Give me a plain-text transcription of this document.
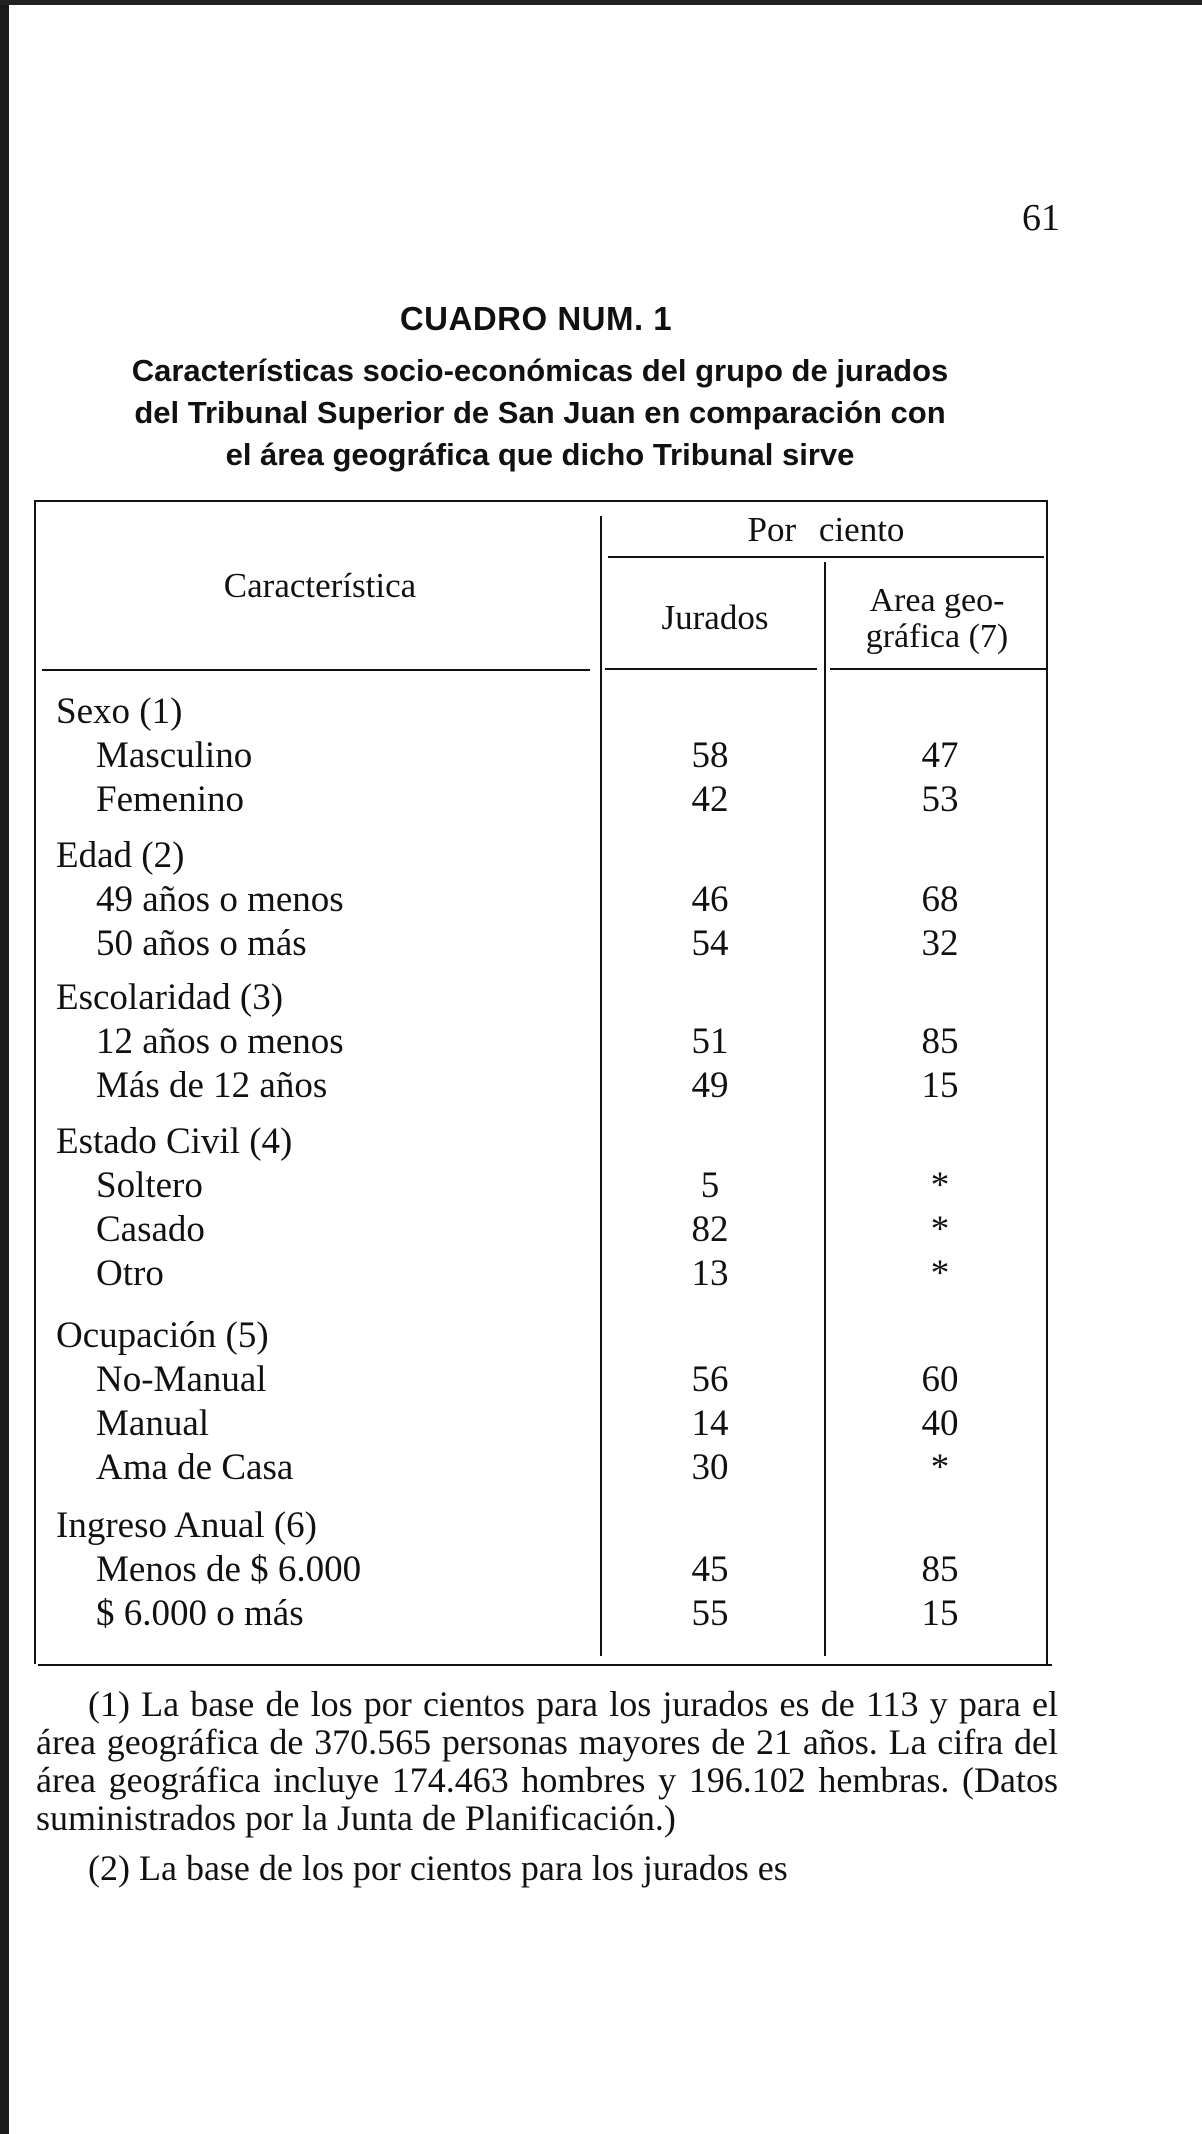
61
CUADRO NUM. 1
Características socio-económicas del grupo de jurados
del Tribunal Superior de San Juan en comparación con
el área geográfica que dicho Tribunal sirve
Característica
Por ciento
Jurados	Area geo-
gráfica (7)
Sexo (1)
Masculino	58	47
Femenino	42	53
Edad (2)
49 años o menos	46	68
50 años o más	54	32
Escolaridad (3)
12 años o menos	51	85
Más de 12 años	49	15
Estado Civil (4)
Soltero	5	*
Casado	82	*
Otro	13	*
Ocupación (5)
No-Manual	56	60
Manual	14	40
Ama de Casa	30	*
Ingreso Anual (6)
Menos de $ 6.000	45	85
$ 6.000 o más	55	15

(1) La base de los por cientos para los jurados es de 113 y para el área geográfica de 370.565 personas mayores de 21 años. La cifra del área geográfica incluye 174.463 hombres y 196.102 hembras. (Datos suministrados por la Junta de Planificación.)

(2) La base de los por cientos para los jurados es
